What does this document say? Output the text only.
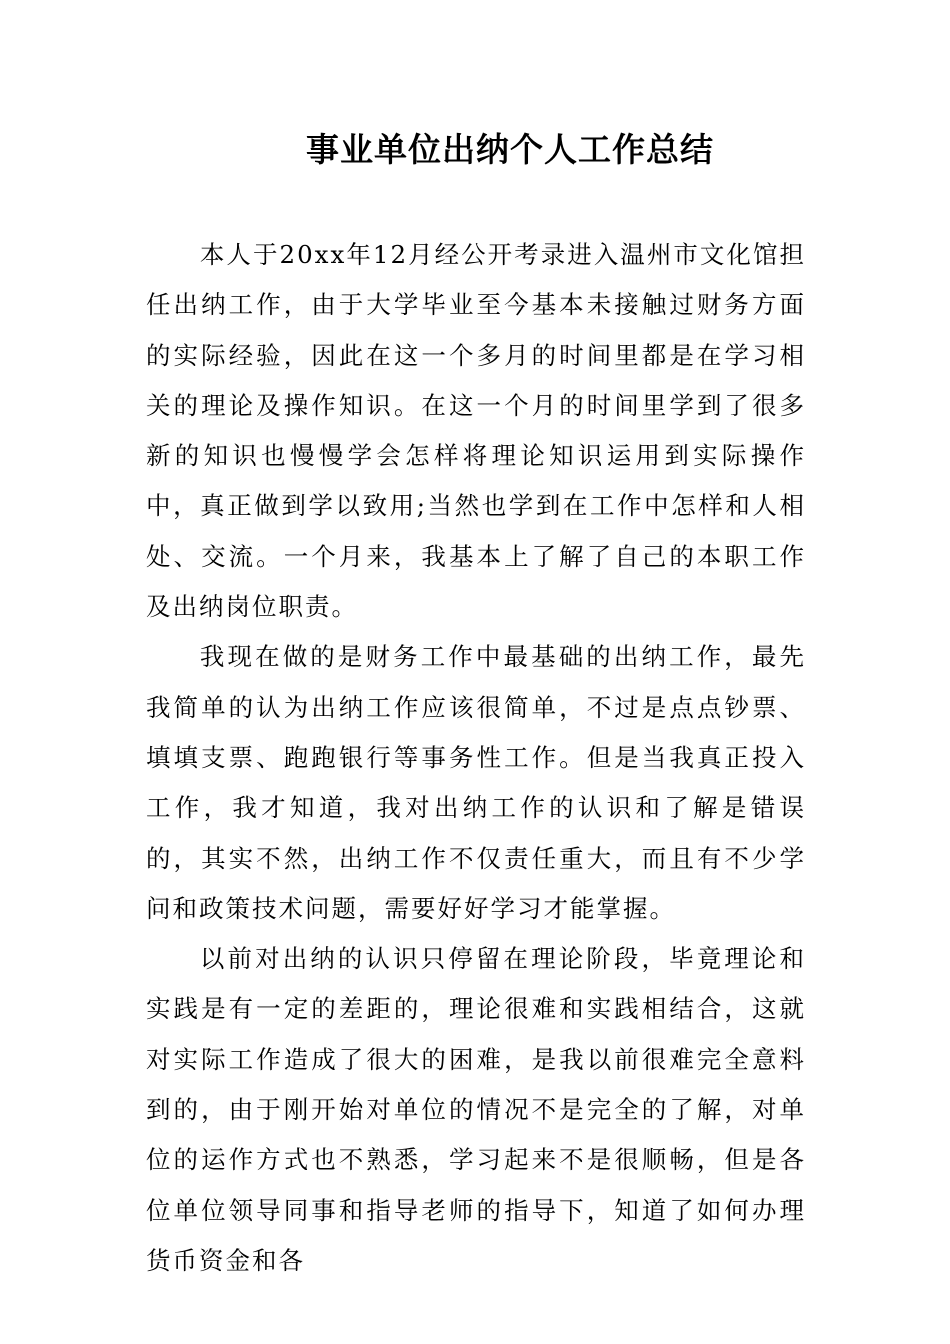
事业单位出纳个人工作总结

本人于20xx年12月经公开考录进入温州市文化馆担任出纳工作，由于大学毕业至今基本未接触过财务方面的实际经验，因此在这一个多月的时间里都是在学习相关的理论及操作知识。在这一个月的时间里学到了很多新的知识也慢慢学会怎样将理论知识运用到实际操作中，真正做到学以致用;当然也学到在工作中怎样和人相处、交流。一个月来，我基本上了解了自己的本职工作及出纳岗位职责。

我现在做的是财务工作中最基础的出纳工作，最先我简单的认为出纳工作应该很简单，不过是点点钞票、填填支票、跑跑银行等事务性工作。但是当我真正投入工作，我才知道，我对出纳工作的认识和了解是错误的，其实不然，出纳工作不仅责任重大，而且有不少学问和政策技术问题，需要好好学习才能掌握。

以前对出纳的认识只停留在理论阶段，毕竟理论和实践是有一定的差距的，理论很难和实践相结合，这就对实际工作造成了很大的困难，是我以前很难完全意料到的，由于刚开始对单位的情况不是完全的了解，对单位的运作方式也不熟悉，学习起来不是很顺畅，但是各位单位领导同事和指导老师的指导下，知道了如何办理货币资金和各
